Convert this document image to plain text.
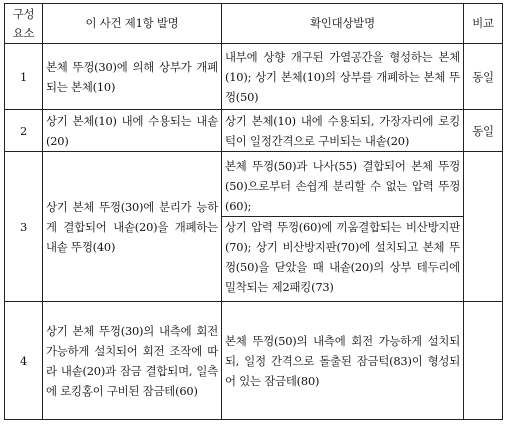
구성
요소	이 사건 제1항 발명	확인대상발명	비교
1	본체 뚜껑(30)에 의해 상부가 개폐되는 본체(10)	내부에 상향 개구된 가열공간을 형성하는 본체(10); 상기 본체(10)의 상부를 개폐하는 본체 뚜껑(50)	동일
2	상기 본체(10) 내에 수용되는 내솥(20)	상기 본체(10) 내에 수용되되, 가장자리에 로킹턱이 일정간격으로 구비되는 내솥(20)	동일
3	상기 본체 뚜껑(30)에 분리가 능하게 결합되어 내솥(20)을 개폐하는 내솥 뚜껑(40)	본체 뚜껑(50)과 나사(55) 결합되어 본체 뚜껑(50)으로부터 손쉽게 분리할 수 없는 압력 뚜껑(60);
상기 압력 뚜껑(60)에 끼움결합되는 비산방지판(70); 상기 비산방지판(70)에 설치되고 본체 뚜껑(50)을 닫았을 때 내솥(20)의 상부 테두리에 밀착되는 제2패킹(73)	

4	상기 본체 뚜껑(30)의 내측에 회전 가능하게 설치되어 회전 조작에 따라 내솥(20)과 잠금 결합되며, 일측에 로킹홈이 구비된 잠금테(60)	본체 뚜껑(50)의 내측에 회전 가능하게 설치되되, 일정 간격으로 돌출된 잠금턱(83)이 형성되어 있는 잠금테(80)	
